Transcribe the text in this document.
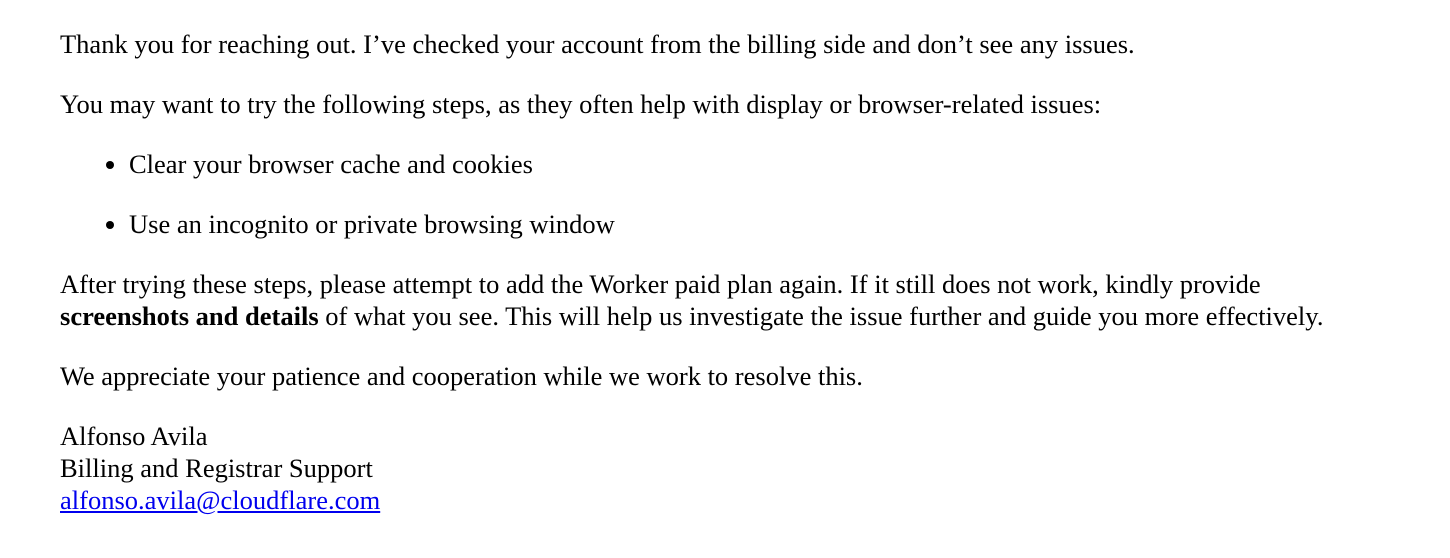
Thank you for reaching out. I’ve checked your account from the billing side and don’t see any issues.

You may want to try the following steps, as they often help with display or browser-related issues:

• Clear your browser cache and cookies
• Use an incognito or private browsing window

After trying these steps, please attempt to add the Worker paid plan again. If it still does not work, kindly provide screenshots and details of what you see. This will help us investigate the issue further and guide you more effectively.

We appreciate your patience and cooperation while we work to resolve this.

Alfonso Avila
Billing and Registrar Support
alfonso.avila@cloudflare.com
